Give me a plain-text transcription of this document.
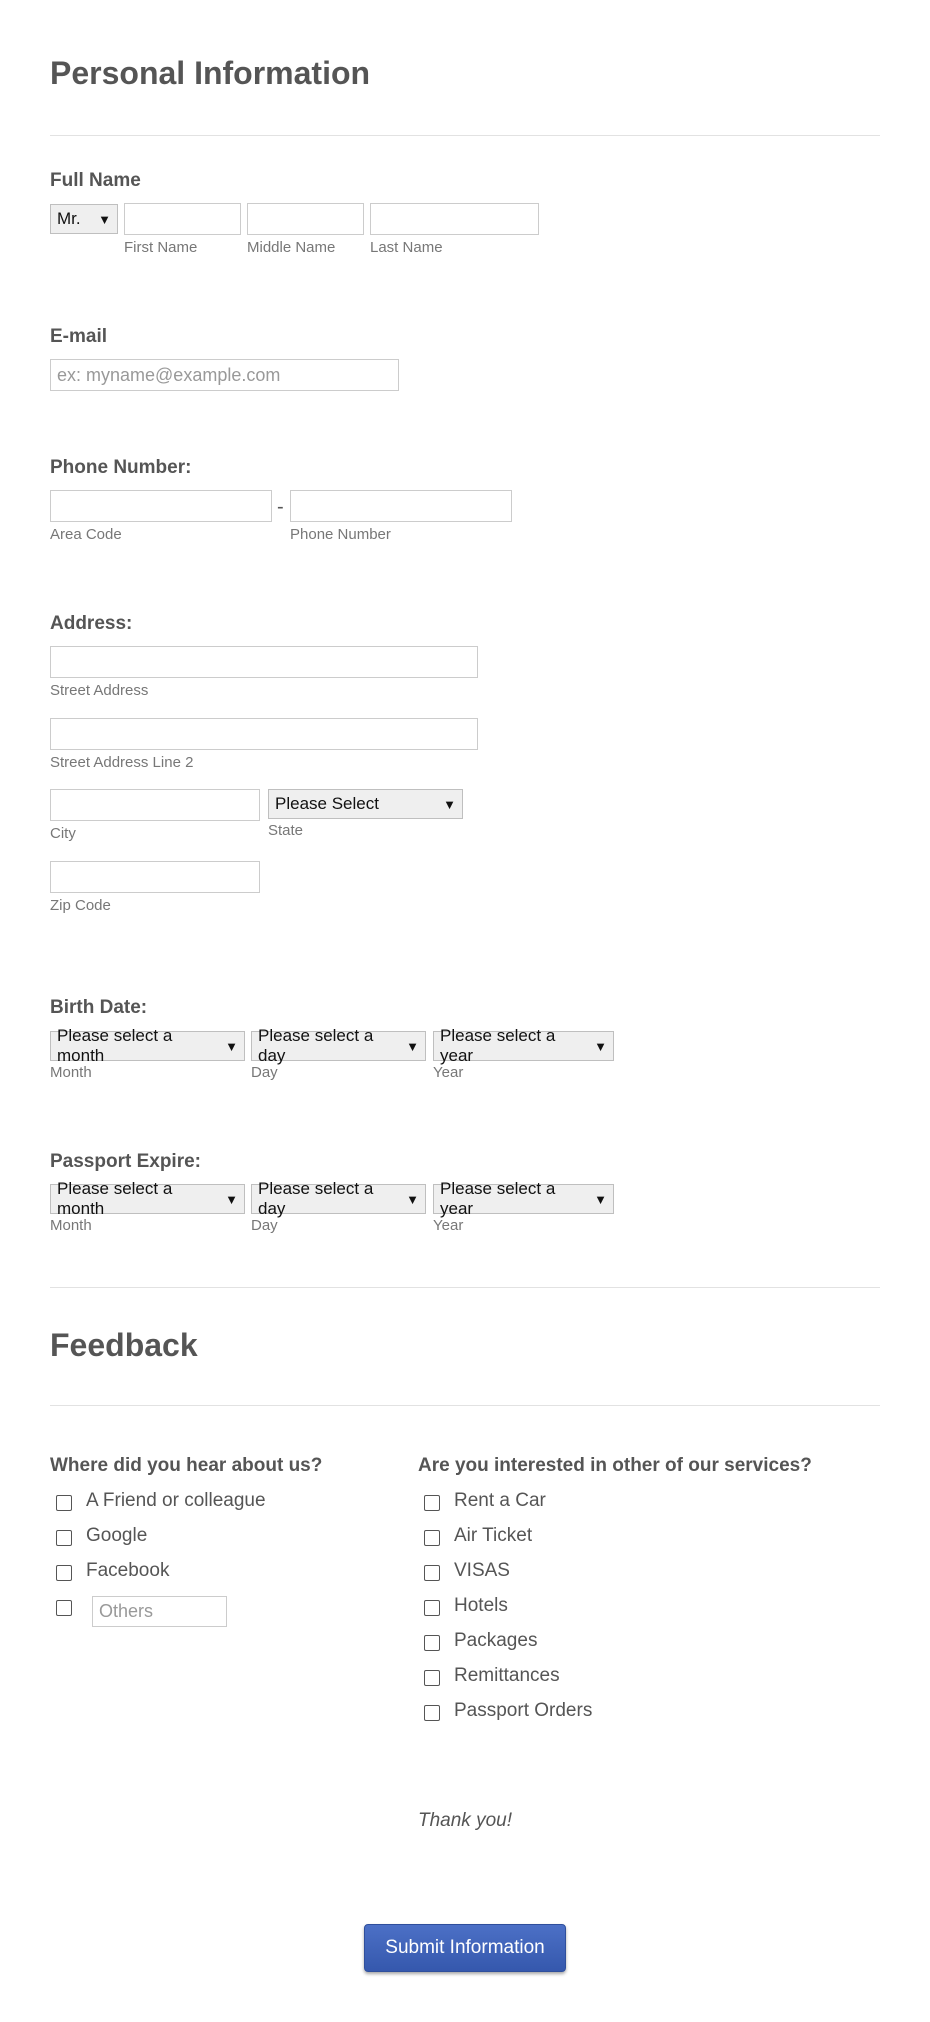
Personal Information
Full Name
Mr. ▼
First Name	Middle Name Last Name
E-mail
ex: myname@example.com
Phone Number:
-
Area Code	Phone Number
Address:
Street Address
Street Address Line 2
City
Please Select	▼
State
Zip Code
Birth Date:
Please select a month	▼
Month
Please select a day	▼
Day
Please select a year	▼
Year
Passport Expire:
Please select a month	▼
Month
Please select a day	▼
Day
Please select a year	▼
Year
Feedback
Where did you hear about us?
A Friend or colleague
Google
Facebook
Others
Are you interested in other of our services?
Rent a Car
Air Ticket
VISAS
Hotels
Packages
Remittances
Passport Orders
Thank you!
Submit Information
